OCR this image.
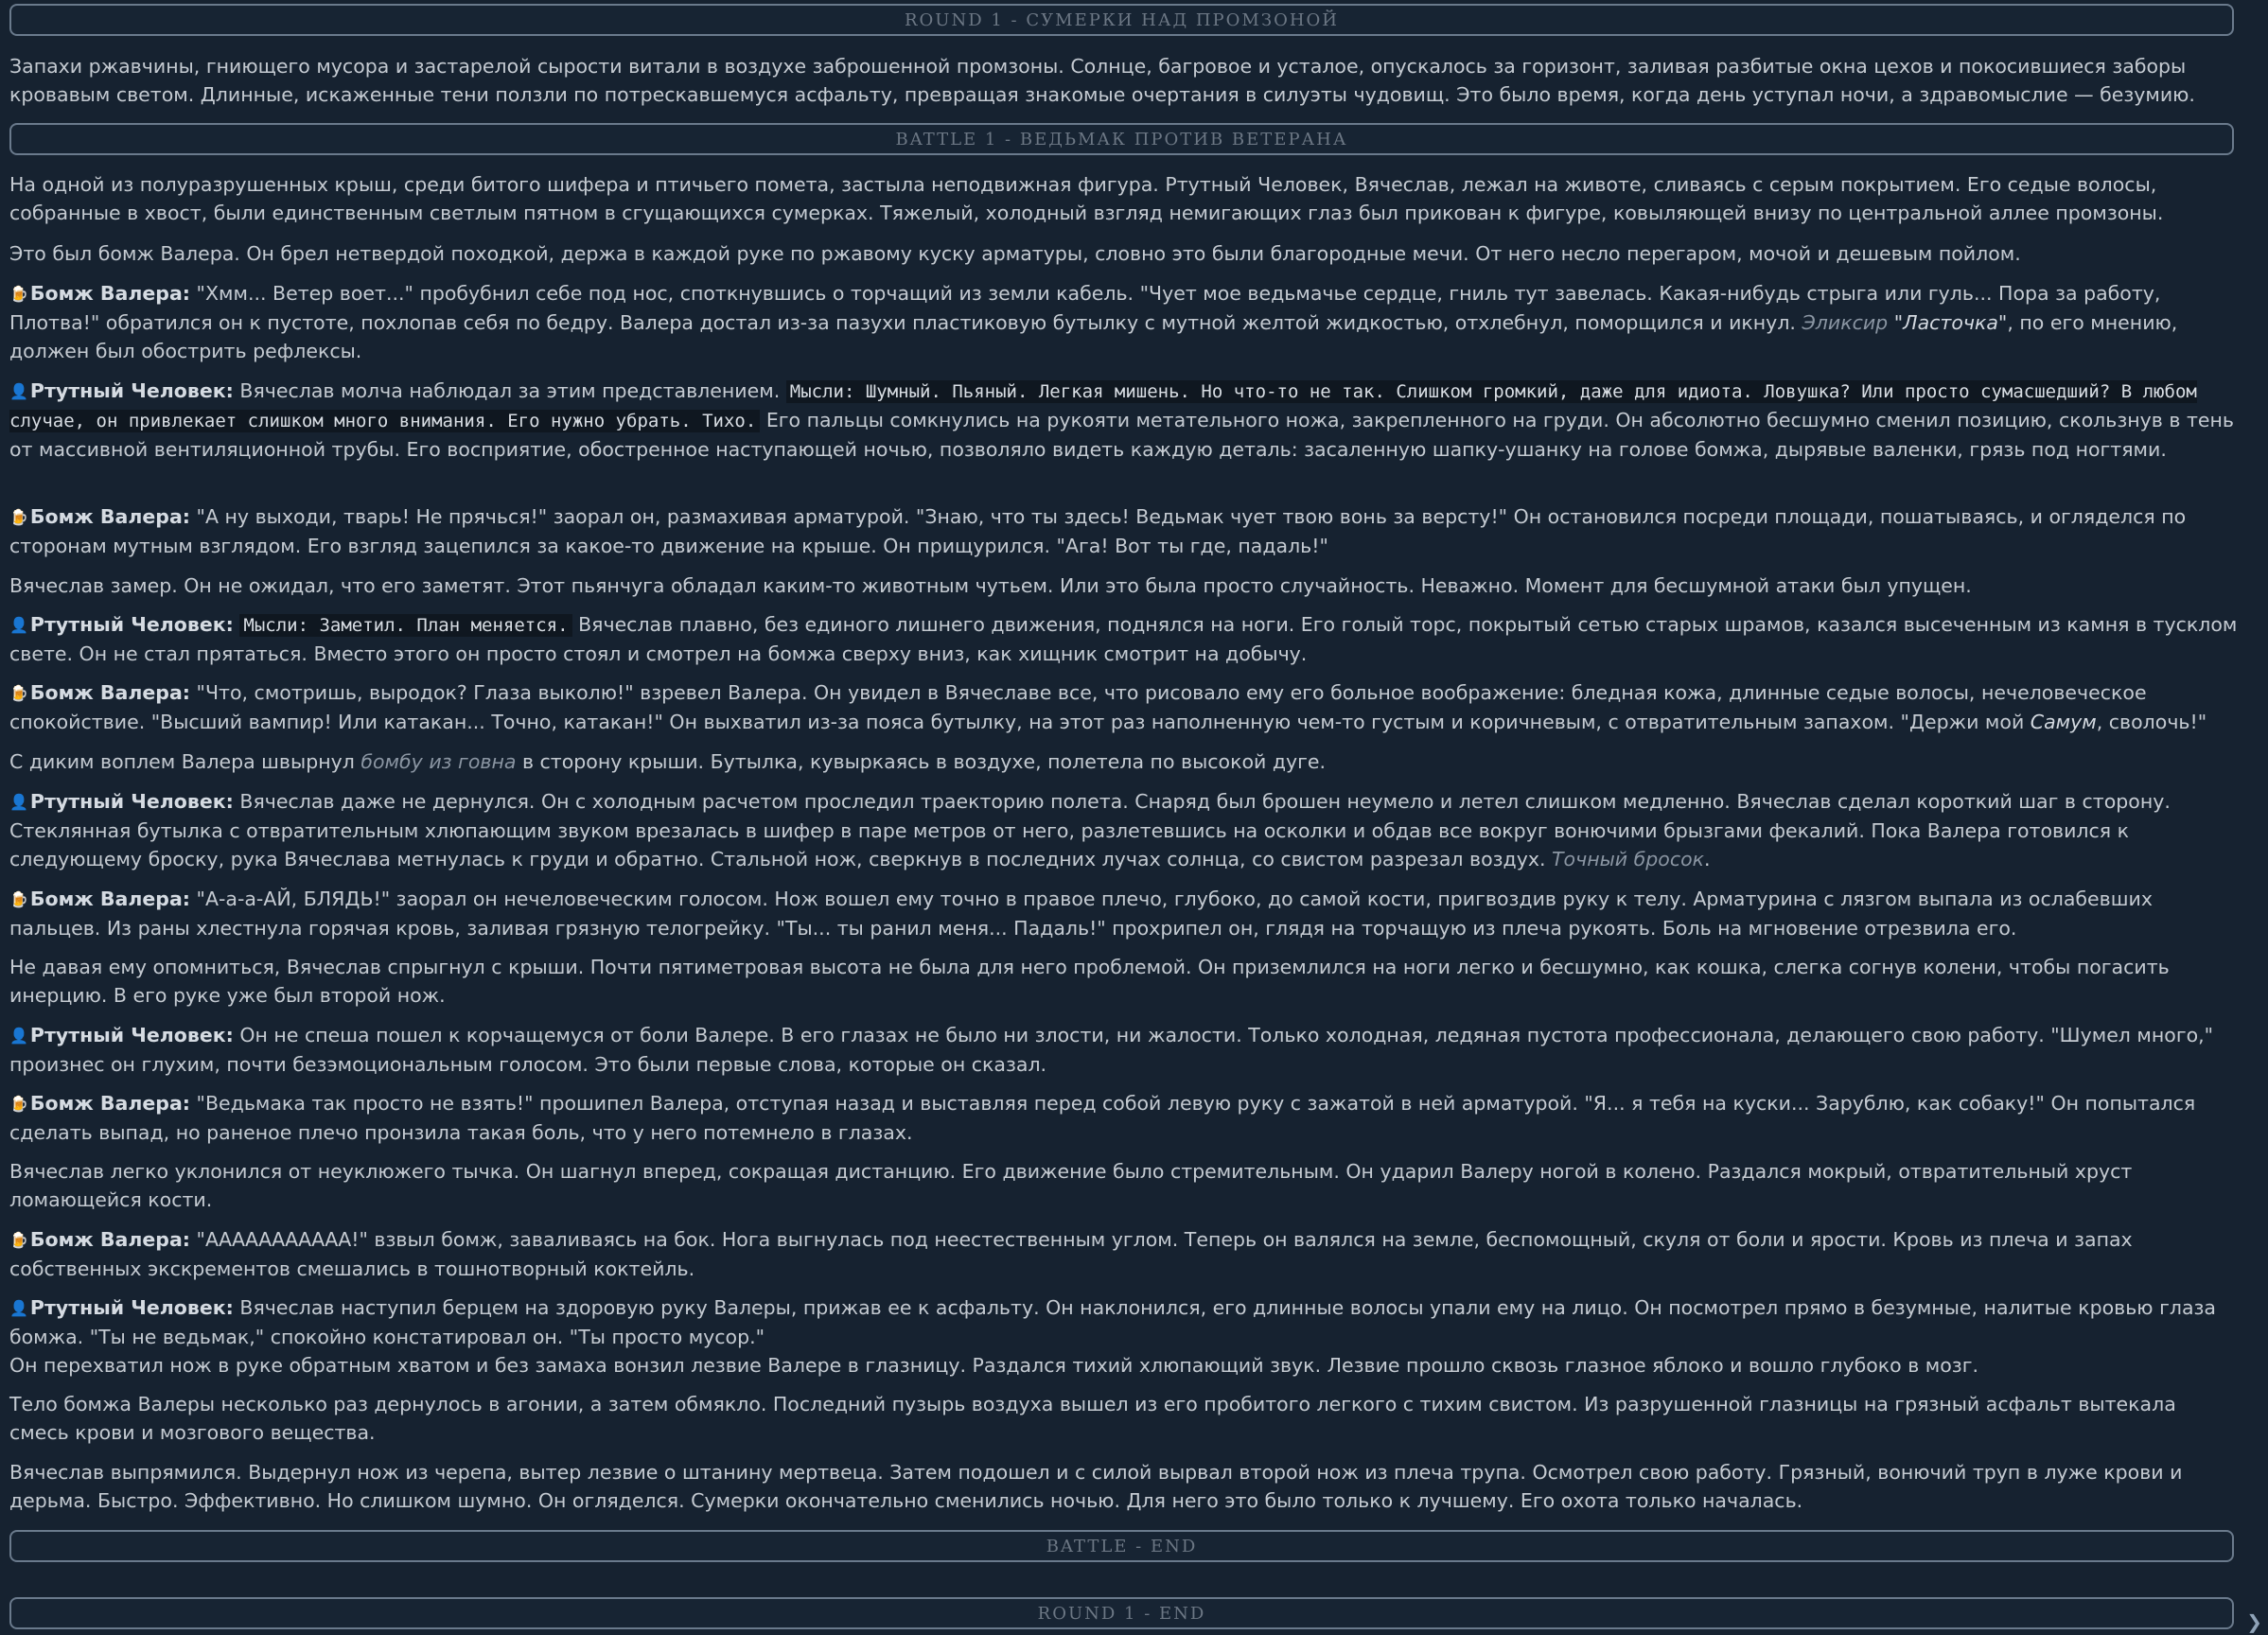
ROUND 1 - СУМЕРКИ НАД ПРОМЗОНОЙ

Запахи ржавчины, гниющего мусора и застарелой сырости витали в воздухе заброшенной промзоны. Солнце, багровое и усталое, опускалось за горизонт, заливая разбитые окна цехов и покосившиеся заборы кровавым светом. Длинные, искаженные тени ползли по потрескавшемуся асфальту, превращая знакомые очертания в силуэты чудовищ. Это было время, когда день уступал ночи, а здравомыслие — безумию.

BATTLE 1 - ВЕДЬМАК ПРОТИВ ВЕТЕРАНА

На одной из полуразрушенных крыш, среди битого шифера и птичьего помета, застыла неподвижная фигура. Ртутный Человек, Вячеслав, лежал на животе, сливаясь с серым покрытием. Его седые волосы, собранные в хвост, были единственным светлым пятном в сгущающихся сумерках. Тяжелый, холодный взгляд немигающих глаз был прикован к фигуре, ковыляющей внизу по центральной аллее промзоны.

Это был бомж Валера. Он брел нетвердой походкой, держа в каждой руке по ржавому куску арматуры, словно это были благородные мечи. От него несло перегаром, мочой и дешевым пойлом.

🍺Бомж Валера: "Хмм... Ветер воет..." пробубнил себе под нос, споткнувшись о торчащий из земли кабель. "Чует мое ведьмачье сердце, гниль тут завелась. Какая-нибудь стрыга или гуль... Пора за работу, Плотва!" обратился он к пустоте, похлопав себя по бедру. Валера достал из-за пазухи пластиковую бутылку с мутной желтой жидкостью, отхлебнул, поморщился и икнул. Эликсир "Ласточка", по его мнению, должен был обострить рефлексы.

👤Ртутный Человек: Вячеслав молча наблюдал за этим представлением. Мысли: Шумный. Пьяный. Легкая мишень. Но что-то не так. Слишком громкий, даже для идиота. Ловушка? Или просто сумасшедший? В любом случае, он привлекает слишком много внимания. Его нужно убрать. Тихо. Его пальцы сомкнулись на рукояти метательного ножа, закрепленного на груди. Он абсолютно бесшумно сменил позицию, скользнув в тень от массивной вентиляционной трубы. Его восприятие, обостренное наступающей ночью, позволяло видеть каждую деталь: засаленную шапку-ушанку на голове бомжа, дырявые валенки, грязь под ногтями.

🍺Бомж Валера: "А ну выходи, тварь! Не прячься!" заорал он, размахивая арматурой. "Знаю, что ты здесь! Ведьмак чует твою вонь за версту!" Он остановился посреди площади, пошатываясь, и огляделся по сторонам мутным взглядом. Его взгляд зацепился за какое-то движение на крыше. Он прищурился. "Ага! Вот ты где, падаль!"

Вячеслав замер. Он не ожидал, что его заметят. Этот пьянчуга обладал каким-то животным чутьем. Или это была просто случайность. Неважно. Момент для бесшумной атаки был упущен.

👤Ртутный Человек: Мысли: Заметил. План меняется. Вячеслав плавно, без единого лишнего движения, поднялся на ноги. Его голый торс, покрытый сетью старых шрамов, казался высеченным из камня в тусклом свете. Он не стал прятаться. Вместо этого он просто стоял и смотрел на бомжа сверху вниз, как хищник смотрит на добычу.

🍺Бомж Валера: "Что, смотришь, выродок? Глаза выколю!" взревел Валера. Он увидел в Вячеславе все, что рисовало ему его больное воображение: бледная кожа, длинные седые волосы, нечеловеческое спокойствие. "Высший вампир! Или катакан... Точно, катакан!" Он выхватил из-за пояса бутылку, на этот раз наполненную чем-то густым и коричневым, с отвратительным запахом. "Держи мой Самум, сволочь!"

С диким воплем Валера швырнул бомбу из говна в сторону крыши. Бутылка, кувыркаясь в воздухе, полетела по высокой дуге.

👤Ртутный Человек: Вячеслав даже не дернулся. Он с холодным расчетом проследил траекторию полета. Снаряд был брошен неумело и летел слишком медленно. Вячеслав сделал короткий шаг в сторону. Стеклянная бутылка с отвратительным хлюпающим звуком врезалась в шифер в паре метров от него, разлетевшись на осколки и обдав все вокруг вонючими брызгами фекалий. Пока Валера готовился к следующему броску, рука Вячеслава метнулась к груди и обратно. Стальной нож, сверкнув в последних лучах солнца, со свистом разрезал воздух. Точный бросок.

🍺Бомж Валера: "А-а-а-АЙ, БЛЯДЬ!" заорал он нечеловеческим голосом. Нож вошел ему точно в правое плечо, глубоко, до самой кости, пригвоздив руку к телу. Арматурина с лязгом выпала из ослабевших пальцев. Из раны хлестнула горячая кровь, заливая грязную телогрейку. "Ты... ты ранил меня... Падаль!" прохрипел он, глядя на торчащую из плеча рукоять. Боль на мгновение отрезвила его.

Не давая ему опомниться, Вячеслав спрыгнул с крыши. Почти пятиметровая высота не была для него проблемой. Он приземлился на ноги легко и бесшумно, как кошка, слегка согнув колени, чтобы погасить инерцию. В его руке уже был второй нож.

👤Ртутный Человек: Он не спеша пошел к корчащемуся от боли Валере. В его глазах не было ни злости, ни жалости. Только холодная, ледяная пустота профессионала, делающего свою работу. "Шумел много," произнес он глухим, почти безэмоциональным голосом. Это были первые слова, которые он сказал.

🍺Бомж Валера: "Ведьмака так просто не взять!" прошипел Валера, отступая назад и выставляя перед собой левую руку с зажатой в ней арматурой. "Я... я тебя на куски... Зарублю, как собаку!" Он попытался сделать выпад, но раненое плечо пронзила такая боль, что у него потемнело в глазах.

Вячеслав легко уклонился от неуклюжего тычка. Он шагнул вперед, сокращая дистанцию. Его движение было стремительным. Он ударил Валеру ногой в колено. Раздался мокрый, отвратительный хруст ломающейся кости.

🍺Бомж Валера: "ААААААААААА!" взвыл бомж, заваливаясь на бок. Нога выгнулась под неестественным углом. Теперь он валялся на земле, беспомощный, скуля от боли и ярости. Кровь из плеча и запах собственных экскрементов смешались в тошнотворный коктейль.

👤Ртутный Человек: Вячеслав наступил берцем на здоровую руку Валеры, прижав ее к асфальту. Он наклонился, его длинные волосы упали ему на лицо. Он посмотрел прямо в безумные, налитые кровью глаза бомжа. "Ты не ведьмак," спокойно констатировал он. "Ты просто мусор."

Он перехватил нож в руке обратным хватом и без замаха вонзил лезвие Валере в глазницу. Раздался тихий хлюпающий звук. Лезвие прошло сквозь глазное яблоко и вошло глубоко в мозг.

Тело бомжа Валеры несколько раз дернулось в агонии, а затем обмякло. Последний пузырь воздуха вышел из его пробитого легкого с тихим свистом. Из разрушенной глазницы на грязный асфальт вытекала смесь крови и мозгового вещества.

Вячеслав выпрямился. Выдернул нож из черепа, вытер лезвие о штанину мертвеца. Затем подошел и с силой вырвал второй нож из плеча трупа. Осмотрел свою работу. Грязный, вонючий труп в луже крови и дерьма. Быстро. Эффективно. Но слишком шумно. Он огляделся. Сумерки окончательно сменились ночью. Для него это было только к лучшему. Его охота только началась.

BATTLE - END
ROUND 1 - END	❯
